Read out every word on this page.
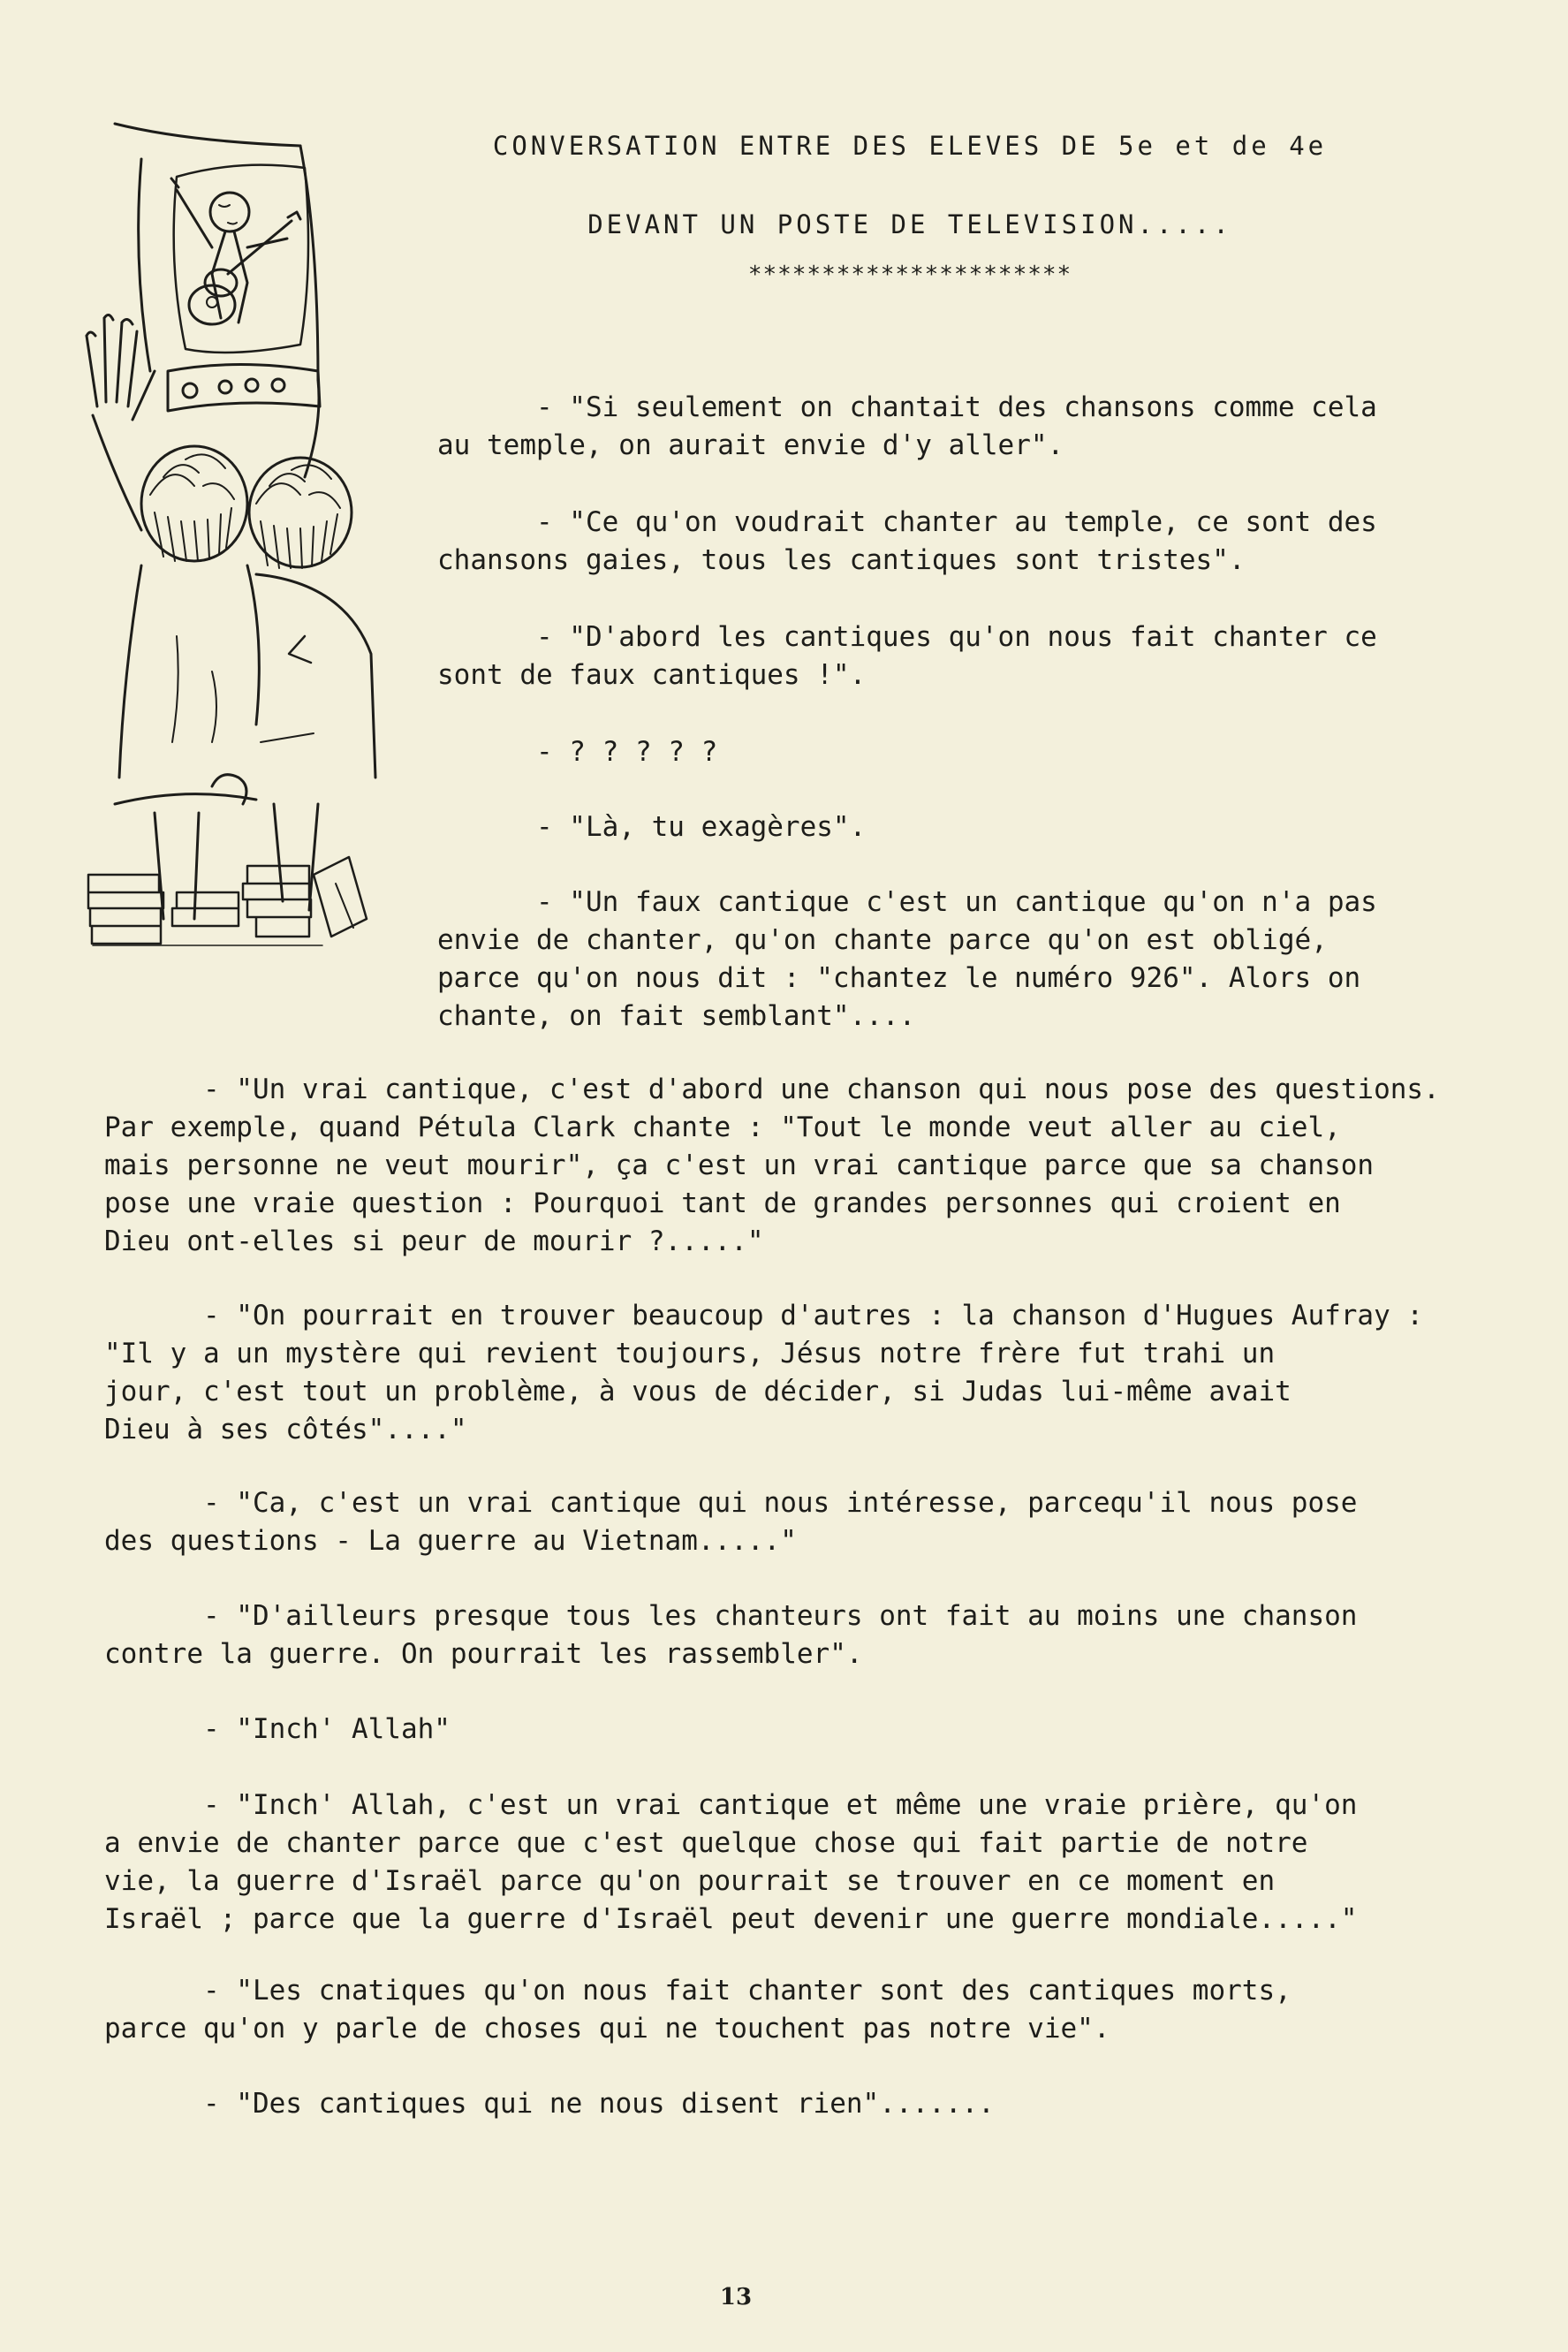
CONVERSATION ENTRE DES ELEVES DE 5e et de 4e
DEVANT UN POSTE DE TELEVISION.....
**********************

- "Si seulement on chantait des chansons comme cela
au temple, on aurait envie d'y aller".

- "Ce qu'on voudrait chanter au temple, ce sont des
chansons gaies, tous les cantiques sont tristes".

- "D'abord les cantiques qu'on nous fait chanter ce
sont de faux cantiques !".

- ? ? ? ? ?

- "Là, tu exagères".

- "Un faux cantique c'est un cantique qu'on n'a pas
envie de chanter, qu'on chante parce qu'on est obligé,
parce qu'on nous dit : "chantez le numéro 926". Alors on
chante, on fait semblant"....

- "Un vrai cantique, c'est d'abord une chanson qui nous pose des questions.
Par exemple, quand Pétula Clark chante : "Tout le monde veut aller au ciel,
mais personne ne veut mourir", ça c'est un vrai cantique parce que sa chanson
pose une vraie question : Pourquoi tant de grandes personnes qui croient en
Dieu ont-elles si peur de mourir ?....."

- "On pourrait en trouver beaucoup d'autres : la chanson d'Hugues Aufray :
"Il y a un mystère qui revient toujours, Jésus notre frère fut trahi un
jour, c'est tout un problème, à vous de décider, si Judas lui-même avait
Dieu à ses côtés"...."

- "Ca, c'est un vrai cantique qui nous intéresse, parcequ'il nous pose
des questions - La guerre au Vietnam....."

- "D'ailleurs presque tous les chanteurs ont fait au moins une chanson
contre la guerre. On pourrait les rassembler".

- "Inch' Allah"

- "Inch' Allah, c'est un vrai cantique et même une vraie prière, qu'on
a envie de chanter parce que c'est quelque chose qui fait partie de notre
vie, la guerre d'Israël parce qu'on pourrait se trouver en ce moment en
Israël ; parce que la guerre d'Israël peut devenir une guerre mondiale....."

- "Les cnatiques qu'on nous fait chanter sont des cantiques morts,
parce qu'on y parle de choses qui ne touchent pas notre vie".

- "Des cantiques qui ne nous disent rien".......

13
